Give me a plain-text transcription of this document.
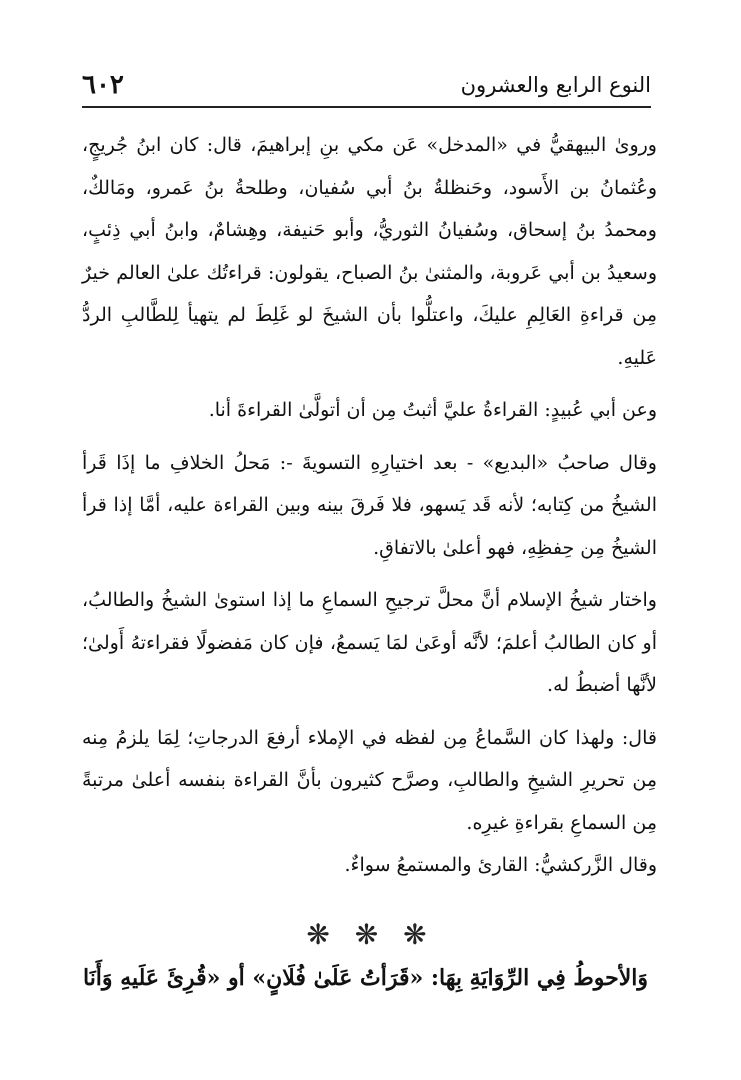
النوع الرابع والعشرون
٦٠٢

وروىٰ البيهقيُّ في «المدخل» عَن مكي بنِ إبراهيمَ، قال: كان ابنُ جُريجٍ، وعُثمانُ بن الأَسود، وحَنظلةُ بنُ أبي سُفيان، وطلحةُ بنُ عَمرو، ومَالكٌ، ومحمدُ بنُ إسحاق، وسُفيانُ الثوريُّ، وأبو حَنيفة، وهِشامٌ، وابنُ أبي ذِئبٍ، وسعيدُ بن أبي عَروبة، والمثنىٰ بنُ الصباح، يقولون: قراءتُك علىٰ العالم خيرٌ مِن قراءةِ العَالِمِ عليكَ، واعتلُّوا بأن الشيخَ لو غَلِطَ لم يتهيأ لِلطَّالبِ الردُّ عَليهِ.

وعن أبي عُبيدٍ: القراءةُ عليَّ أثبتُ مِن أن أتولَّىٰ القراءةَ أنا.

وقال صاحبُ «البديع» - بعد اختيارِهِ التسويةَ -: مَحلُ الخلافِ ما إذَا قَرأ الشيخُ من كِتابه؛ لأنه قَد يَسهو، فلا فَرقَ بينه وبين القراءة عليه، أمَّا إذا قرأ الشيخُ مِن حِفظِهِ، فهو أعلىٰ بالاتفاقِ.

واختار شيخُ الإسلام أنَّ محلَّ ترجيحِ السماعِ ما إذا استوىٰ الشيخُ والطالبُ، أو كان الطالبُ أعلمَ؛ لأنَّه أوعَىٰ لمَا يَسمعُ، فإن كان مَفضولًا فقراءتهُ أَولىٰ؛ لأنَّها أضبطُ له.

قال: ولهذا كان السَّماعُ مِن لفظه في الإملاء أرفعَ الدرجاتِ؛ لِمَا يلزمُ مِنه مِن تحريرِ الشيخِ والطالبِ، وصرَّح كثيرون بأنَّ القراءة بنفسه أعلىٰ مرتبةً مِن السماعِ بقراءةِ غيرِه.

وقال الزَّركشيُّ: القارئ والمستمعُ سواءٌ.

❋ ❋ ❋
وَالأحوطُ فِي الرِّوَايَةِ بِهَا: «قَرَأتُ عَلَىٰ فُلَانٍ» أو «قُرِئَ عَلَيهِ وَأَنَا
